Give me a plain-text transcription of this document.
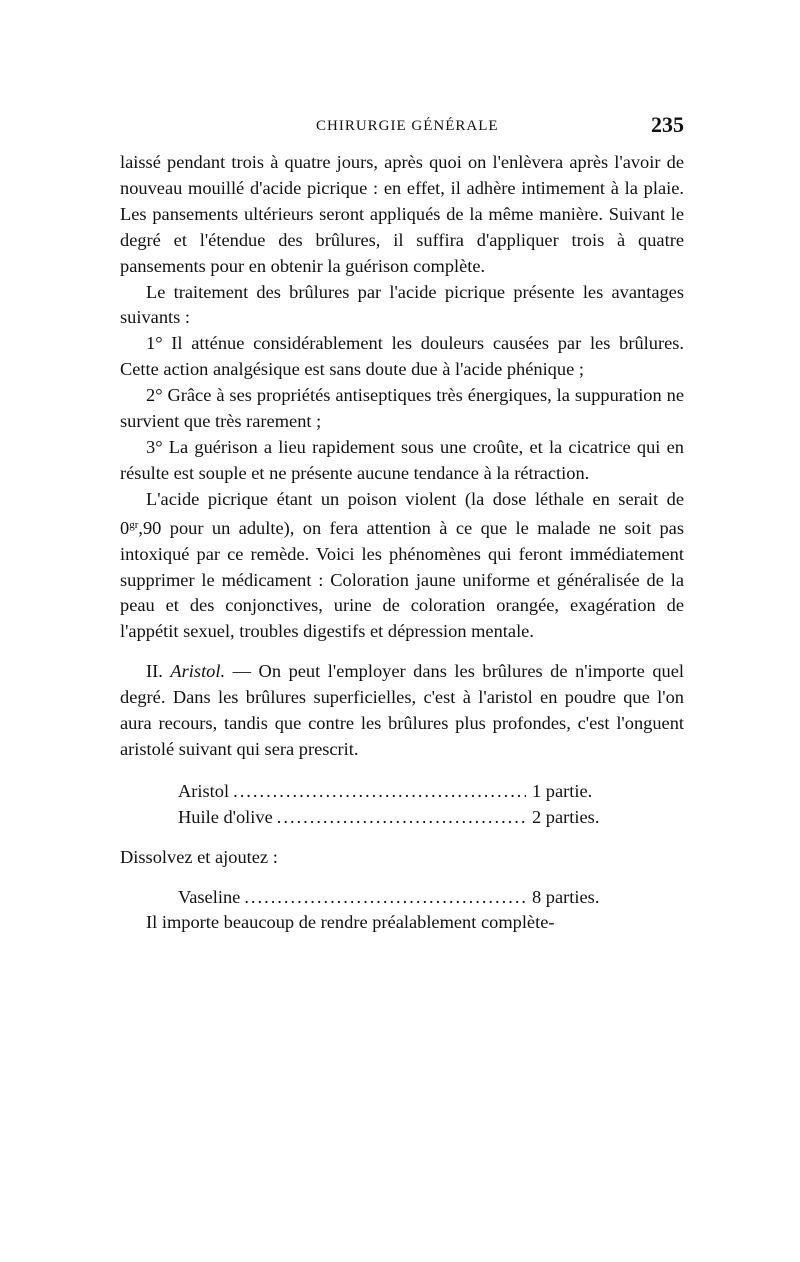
CHIRURGIE GÉNÉRALE	235

laissé pendant trois à quatre jours, après quoi on l'enlèvera après l'avoir de nouveau mouillé d'acide picrique : en effet, il adhère intimement à la plaie. Les pansements ultérieurs seront appliqués de la même manière. Suivant le degré et l'étendue des brûlures, il suffira d'appliquer trois à quatre pansements pour en obtenir la guérison complète.

Le traitement des brûlures par l'acide picrique présente les avantages suivants :

1° Il atténue considérablement les douleurs causées par les brûlures. Cette action analgésique est sans doute due à l'acide phénique ;

2° Grâce à ses propriétés antiseptiques très énergiques, la suppuration ne survient que très rarement ;

3° La guérison a lieu rapidement sous une croûte, et la cicatrice qui en résulte est souple et ne présente aucune tendance à la rétraction.

L'acide picrique étant un poison violent (la dose léthale en serait de $0^{gr},90$ pour un adulte), on fera attention à ce que le malade ne soit pas intoxiqué par ce remède. Voici les phénomènes qui feront immédiatement supprimer le médicament : Coloration jaune uniforme et généralisée de la peau et des conjonctives, urine de coloration orangée, exagération de l'appétit sexuel, troubles digestifs et dépression mentale.

II. Aristol. — On peut l'employer dans les brûlures de n'importe quel degré. Dans les brûlures superficielles, c'est à l'aristol en poudre que l'on aura recours, tandis que contre les brûlures plus profondes, c'est l'onguent aristolé suivant qui sera prescrit.

Aristol .....	1 partie.
Huile d'olive .....	2 parties.
Dissolvez et ajoutez :
Vaseline .....	8 parties.

Il importe beaucoup de rendre préalablement complète-
